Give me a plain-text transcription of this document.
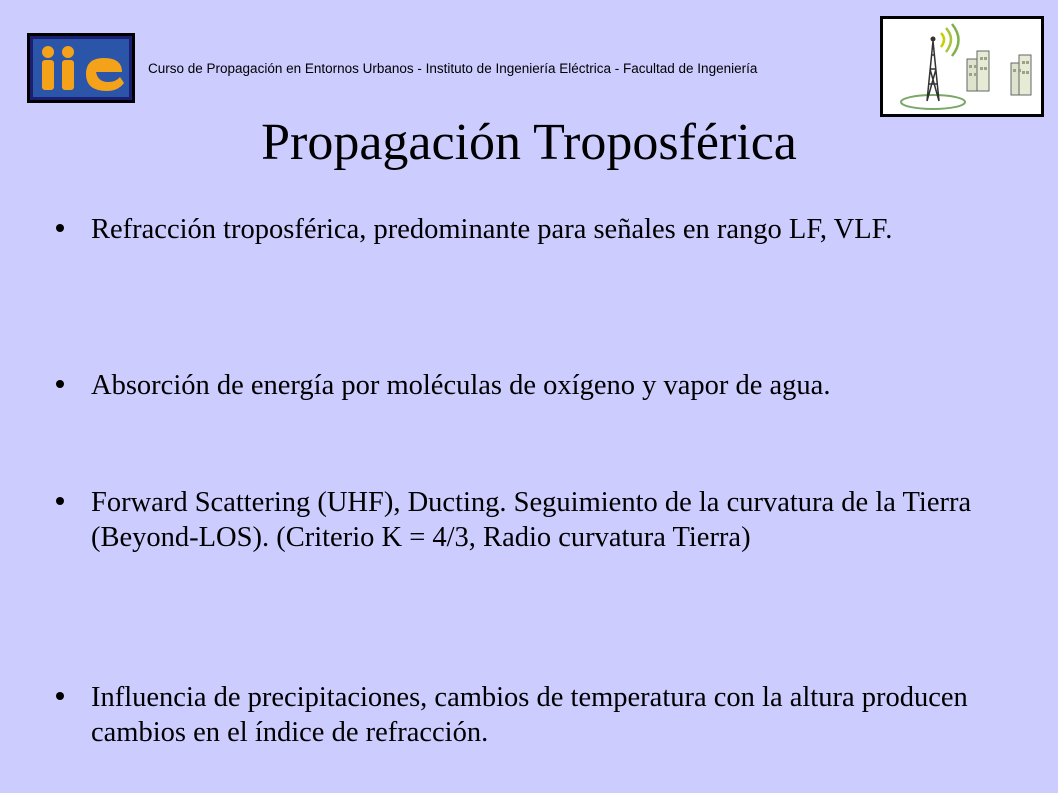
Curso de Propagación en Entornos Urbanos - Instituto de Ingeniería Eléctrica - Facultad de Ingeniería
Propagación Troposférica
Refracción troposférica, predominante para señales en rango LF, VLF.
Absorción de energía por moléculas de oxígeno y vapor de agua.
Forward Scattering (UHF), Ducting. Seguimiento de la curvatura de la Tierra (Beyond-LOS). (Criterio K = 4/3, Radio curvatura Tierra)
Influencia de precipitaciones, cambios de temperatura con la altura producen cambios en el índice de refracción.
